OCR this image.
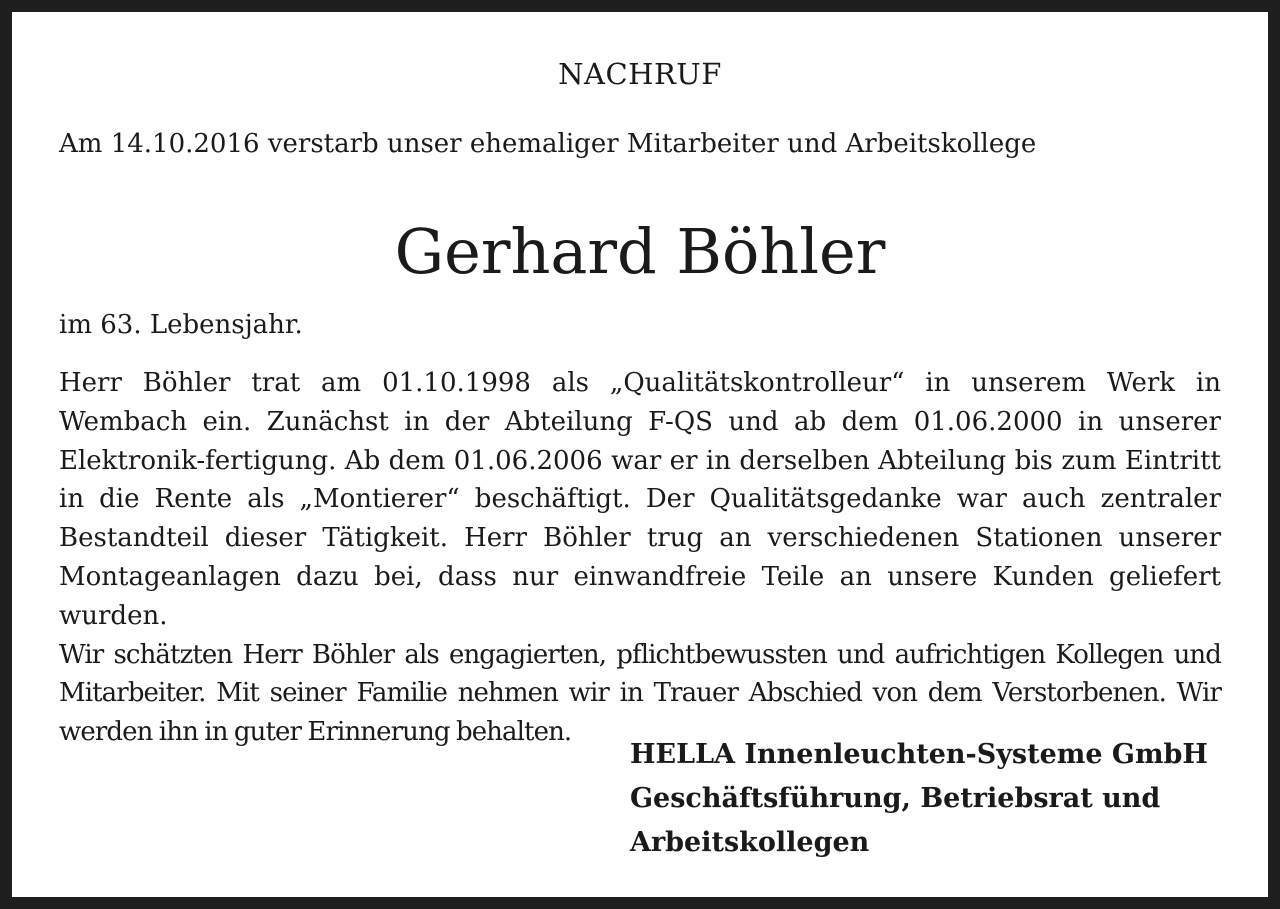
NACHRUF
Am 14.10.2016 verstarb unser ehemaliger Mitarbeiter und Arbeitskollege
Gerhard Böhler
im 63. Lebensjahr.

Herr Böhler trat am 01.10.1998 als „Qualitätskontrolleur“ in unserem Werk in Wembach ein. Zunächst in der Abteilung F-QS und ab dem 01.06.2000 in unserer Elektronik-fertigung. Ab dem 01.06.2006 war er in derselben Abteilung bis zum Eintritt in die Rente als „Montierer“ beschäftigt. Der Qualitätsgedanke war auch zentraler Bestandteil dieser Tätigkeit. Herr Böhler trug an verschiedenen Stationen unserer Montageanlagen dazu bei, dass nur einwandfreie Teile an unsere Kunden geliefert wurden.

Wir schätzten Herr Böhler als engagierten, pflichtbewussten und aufrichtigen Kollegen und Mitarbeiter. Mit seiner Familie nehmen wir in Trauer Abschied von dem Verstorbenen. Wir werden ihn in guter Erinnerung behalten.

HELLA Innenleuchten-Systeme GmbH
Geschäftsführung, Betriebsrat und
Arbeitskollegen
